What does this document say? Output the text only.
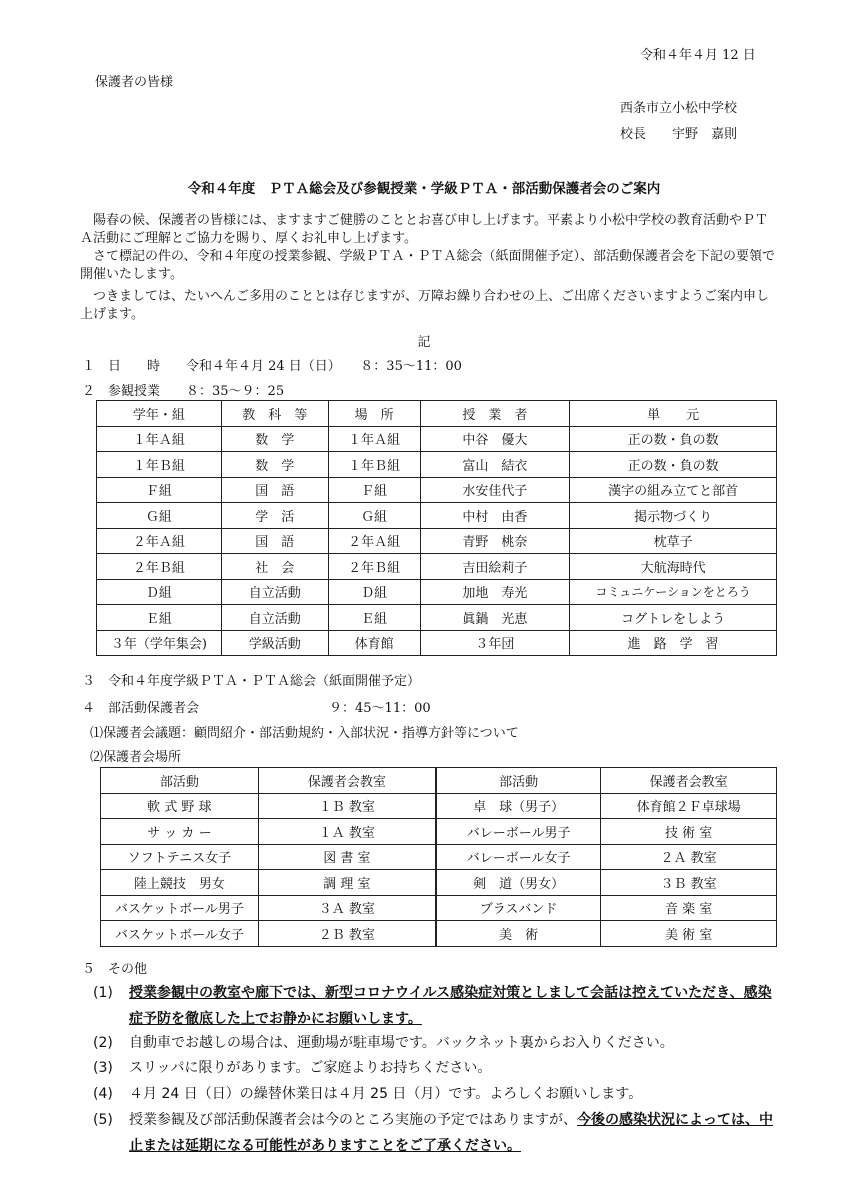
令和４年４月 12 日
保護者の皆様
西条市立小松中学校
校長　　宇野　嘉則
令和４年度　ＰＴＡ総会及び参観授業・学級ＰＴＡ・部活動保護者会のご案内

陽春の候、保護者の皆様には、ますますご健勝のこととお喜び申し上げます。平素より小松中学校の教育活動やＰＴＡ活動にご理解とご協力を賜り、厚くお礼申し上げます。

さて標記の件の、令和４年度の授業参観、学級ＰＴＡ・ＰＴＡ総会（紙面開催予定）、部活動保護者会を下記の要領で開催いたします。

つきましては、たいへんご多用のこととは存じますが、万障お繰り合わせの上、ご出席くださいますようご案内申し上げます。

記
１　日　　時　　令和４年４月 24 日（日）　　８：35〜11：00
２　参観授業　　８：35〜９：25
学年・組	教　科　等	場　所	授　業　者	単　　元
１年Ａ組	数　学	１年Ａ組	中谷　優大	正の数・負の数
１年Ｂ組	数　学	１年Ｂ組	富山　結衣	正の数・負の数
Ｆ組	国　語	Ｆ組	水安佳代子	漢字の組み立てと部首
Ｇ組	学　活	Ｇ組	中村　由香	掲示物づくり
２年Ａ組	国　語	２年Ａ組	青野　桃奈	枕草子
２年Ｂ組	社　会	２年Ｂ組	吉田絵莉子	大航海時代
Ｄ組	自立活動	Ｄ組	加地　寿光	コミュニケーションをとろう
Ｅ組	自立活動	Ｅ組	眞鍋　光恵	コグトレをしよう
３年（学年集会)	学級活動	体育館	３年団	進　路　学　習
３　令和４年度学級ＰＴＡ・ＰＴＡ総会（紙面開催予定）
４　部活動保護者会　　　　　　　　　　９：45〜11：00
⑴保護者会議題：顧問紹介・部活動規約・入部状況・指導方針等について
⑵保護者会場所
部活動	保護者会教室	部活動	保護者会教室
軟 式 野 球	１Ｂ 教室	卓　球（男子）	体育館２Ｆ卓球場
サ ッ カ ー	１Ａ 教室	バレーボール男子	技 術 室
ソフトテニス女子	図 書 室	バレーボール女子	２Ａ 教室
陸上競技　男女	調 理 室	剣　道（男女）	３Ｂ 教室
バスケットボール男子	３Ａ 教室	ブラスバンド	音 楽 室
バスケットボール女子	２Ｂ 教室	美　術	美 術 室
５　その他
(1)	授業参観中の教室や廊下では、新型コロナウイルス感染症対策としまして会話は控えていただき、感染症予防を徹底した上でお静かにお願いします。
(2)	自動車でお越しの場合は、運動場が駐車場です。バックネット裏からお入りください。
(3)	スリッパに限りがあります。ご家庭よりお持ちください。
(4)	４月 24 日（日）の繰替休業日は４月 25 日（月）です。よろしくお願いします。
(5)	授業参観及び部活動保護者会は今のところ実施の予定ではありますが、今後の感染状況によっては、中止または延期になる可能性がありますことをご了承ください。
